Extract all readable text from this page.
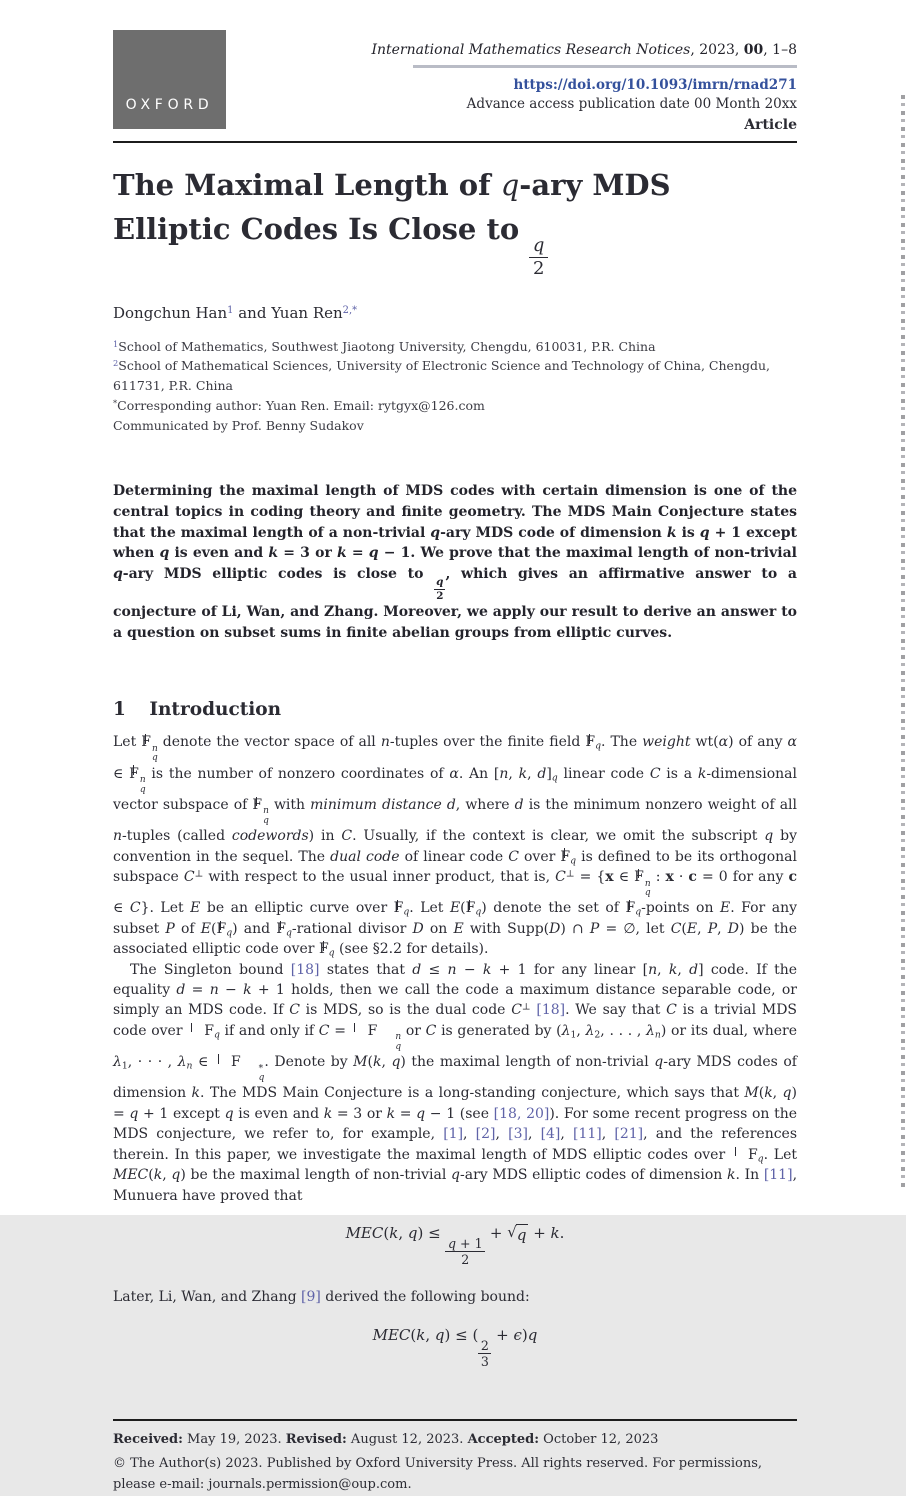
OXFORD
International Mathematics Research Notices, 2023, 00, 1–8
https://doi.org/10.1093/imrn/rnad271
Advance access publication date 00 Month 20xx
Article
The Maximal Length of q-ary MDS Elliptic Codes Is Close to
$\frac{q}{2}$
Dongchun Han$^1$ and Yuan Ren$^{2,*}$
$^1$School of Mathematics, Southwest Jiaotong University, Chengdu, 610031, P.R. China
$^2$School of Mathematical Sciences, University of Electronic Science and Technology of China, Chengdu, 611731, P.R. China
*Corresponding author: Yuan Ren. Email: rytgyx@126.com
Communicated by Prof. Benny Sudakov
Determining the maximal length of MDS codes with certain dimension is one of the central topics in coding theory and finite geometry. The MDS Main Conjecture states that the maximal length of a non-trivial q-ary MDS code of dimension k is q + 1 except when q is even and k = 3 or k = q − 1. We prove that the maximal length of non-trivial q-ary MDS elliptic codes is close to
$\frac{q}{2}$
, which gives an affirmative answer to a conjecture of Li, Wan, and Zhang. Moreover, we apply our result to derive an answer to a question on subset sums in finite abelian groups from elliptic curves.
1 Introduction

Let F n
q
denote the vector space of all n-tuples over the finite field $F_q$. The weight wt(α) of any α ∈ F n
q
is the number of nonzero coordinates of α. An [n, k, $d]_q$ linear code C is a k-dimensional vector subspace of F n
q
with minimum distance d, where d is the minimum nonzero weight of all n-tuples (called codewords) in C. Usually, if the context is clear, we omit the subscript q by convention in the sequel. The dual code of linear code C over $F_q$ is defined to be its orthogonal subspace C⊥ with respect to the usual inner product, that is, C⊥ = {x ∈ F n
q
: x · c = 0 for any c ∈ C}. Let E be an elliptic curve over $F_q$. Let $E(F_q)$ denote the set of $F_q$-points on E. For any subset P of $E(F_q)$ and $F_q$-rational divisor D on E with Supp(D) ∩ P = ∅, let C(E, P, D) be the associated elliptic code over $F_q$ (see §2.2 for details).

The Singleton bound [18] states that d ≤ n − k + 1 for any linear [n, k, d] code. If the equality d = n − k + 1 holds, then we call the code a maximum distance separable code, or simply an MDS code. If C is MDS, so is the dual code C⊥ [18]. We say that C is a trivial MDS code over $F_q$ if and only if C = F	n
q
or C is generated by ($\lambda_1$, $\lambda_2$, . . . , $\lambda_n$) or its dual, where $\lambda_1$, · · · , $\lambda_n$ ∈ F	*
q
. Denote by M(k, q) the maximal length of non-trivial q-ary MDS codes of dimension k. The MDS Main Conjecture is a long-standing conjecture, which says that M(k, q) = q + 1 except q is even and k = 3 or k = q − 1 (see [18, 20]). For some recent progress on the MDS conjecture, we refer to, for example, [1], [2], [3], [4], [11], [21], and the references therein. In this paper, we investigate the maximal length of MDS elliptic codes over $F_q$. Let MEC(k, q) be the maximal length of non-trivial q-ary MDS elliptic codes of dimension k. In [11], Munuera have proved that

MEC(k, q) ≤
$\frac{q + 1}{2}$
+ √ q + k.

Later, Li, Wan, and Zhang [9] derived the following bound:

MEC(k, q) ≤ (
$\frac{2}{3}$
+ ϵ)q
Received: May 19, 2023. Revised: August 12, 2023. Accepted: October 12, 2023

© The Author(s) 2023. Published by Oxford University Press. All rights reserved. For permissions, please e-mail: journals.permission@oup.com.
